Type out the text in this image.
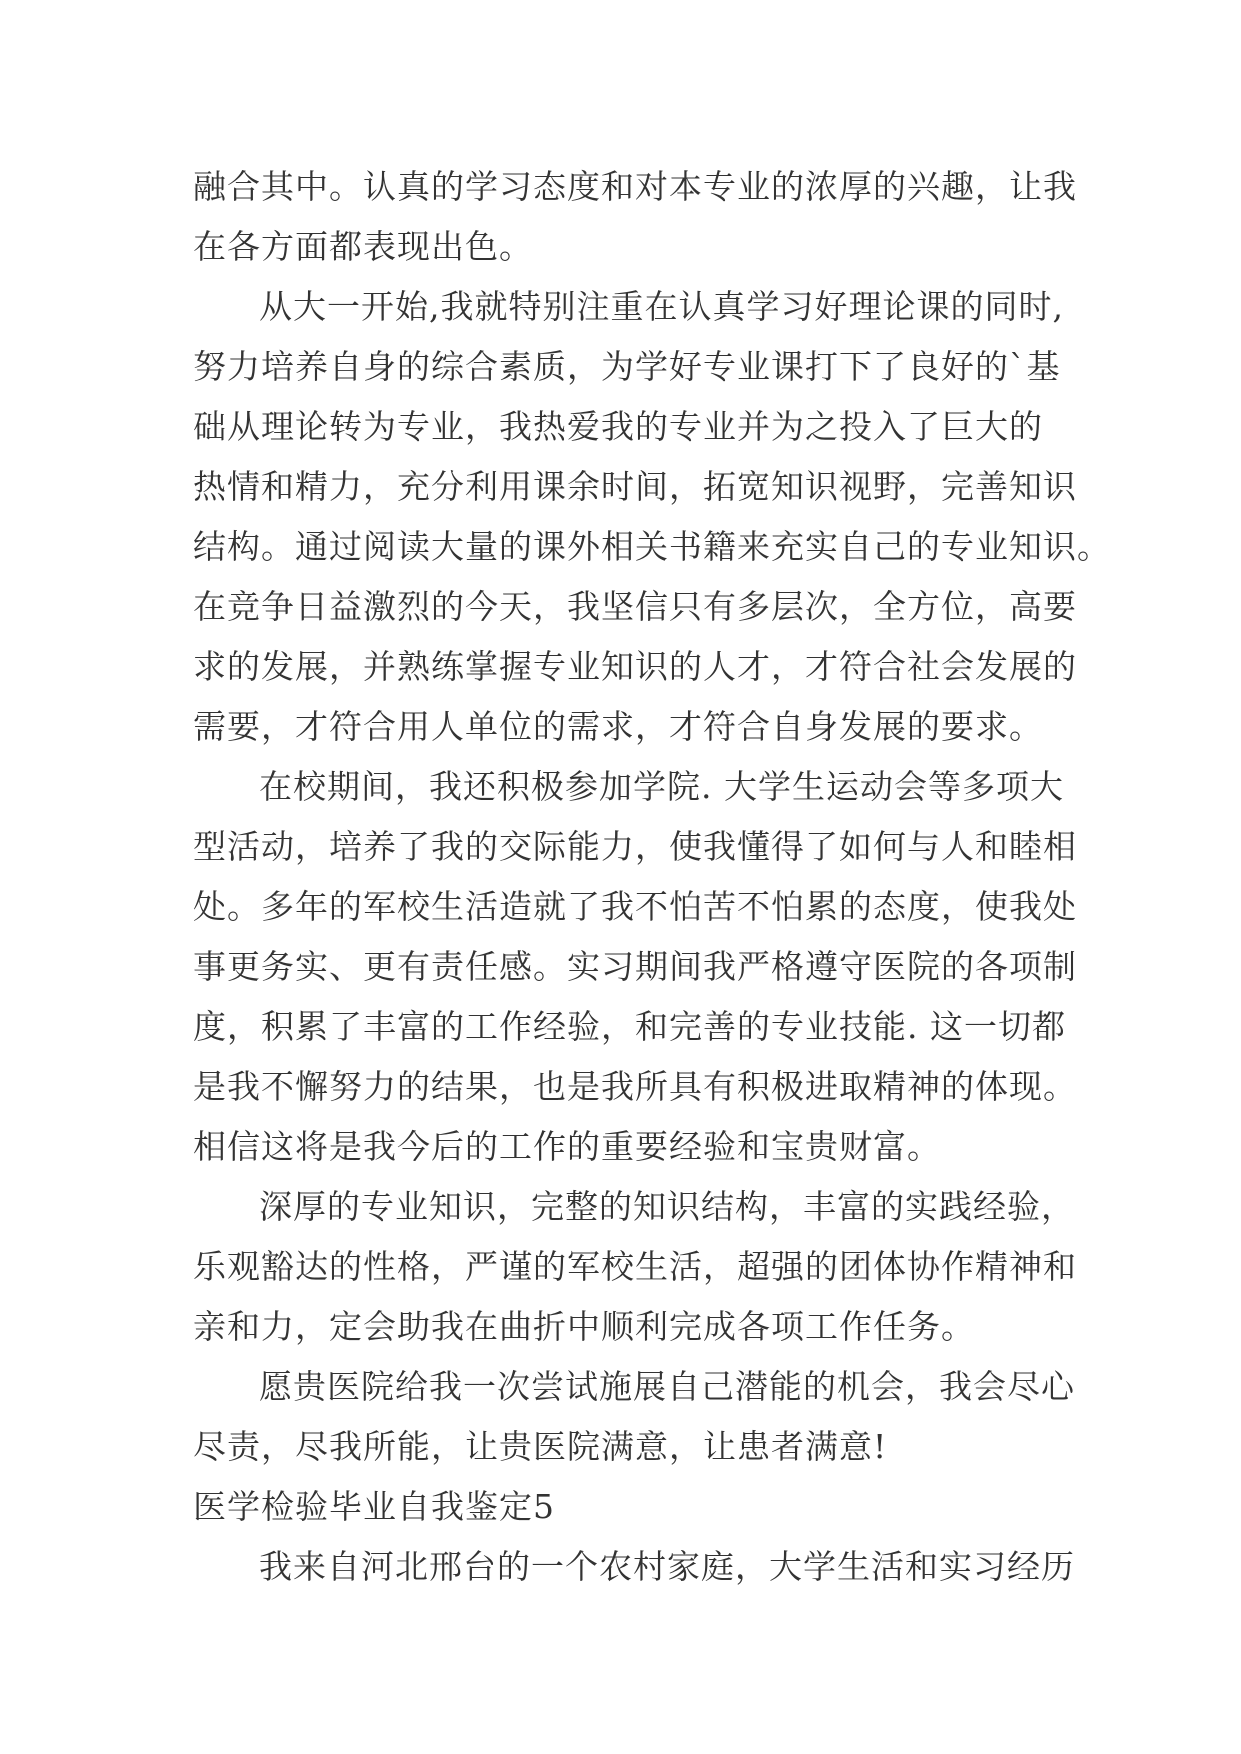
融合其中。认真的学习态度和对本专业的浓厚的兴趣，让我
在各方面都表现出色。
从大一开始,我就特别注重在认真学习好理论课的同时,
努力培养自身的综合素质，为学好专业课打下了良好的`基
础从理论转为专业，我热爱我的专业并为之投入了巨大的
热情和精力，充分利用课余时间，拓宽知识视野，完善知识
结构。通过阅读大量的课外相关书籍来充实自己的专业知识。
在竞争日益激烈的今天，我坚信只有多层次，全方位，高要
求的发展，并熟练掌握专业知识的人才，才符合社会发展的
需要，才符合用人单位的需求，才符合自身发展的要求。
在校期间，我还积极参加学院. 大学生运动会等多项大
型活动，培养了我的交际能力，使我懂得了如何与人和睦相
处。多年的军校生活造就了我不怕苦不怕累的态度，使我处
事更务实、更有责任感。实习期间我严格遵守医院的各项制
度，积累了丰富的工作经验，和完善的专业技能. 这一切都
是我不懈努力的结果，也是我所具有积极进取精神的体现。
相信这将是我今后的工作的重要经验和宝贵财富。
深厚的专业知识，完整的知识结构，丰富的实践经验，
乐观豁达的性格，严谨的军校生活，超强的团体协作精神和
亲和力，定会助我在曲折中顺利完成各项工作任务。
愿贵医院给我一次尝试施展自己潜能的机会，我会尽心
尽责，尽我所能，让贵医院满意，让患者满意!
医学检验毕业自我鉴定5
我来自河北邢台的一个农村家庭，大学生活和实习经历
